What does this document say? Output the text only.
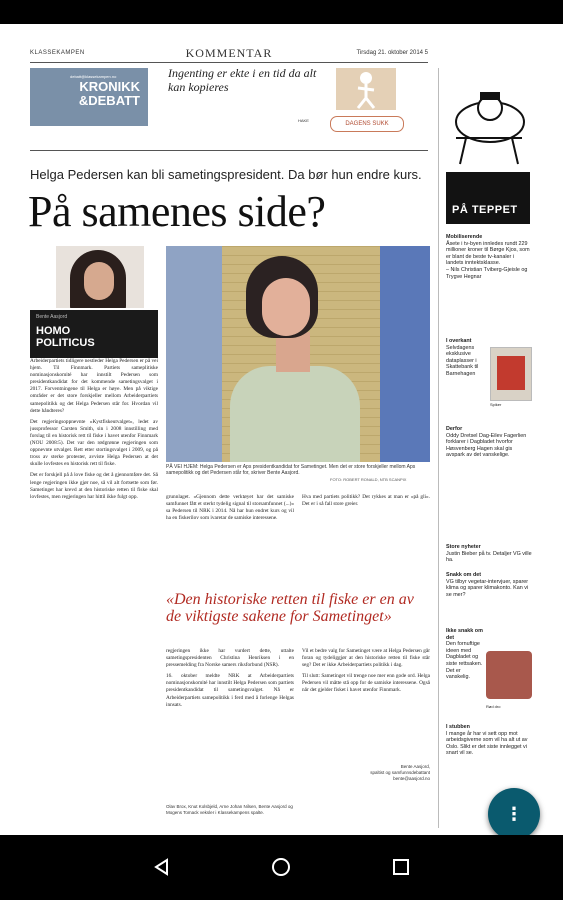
KLASSEKAMPEN	KOMMENTAR	Tirsdag 21. oktober 2014 5
debatt@klassekampen.no
KRONIKK
&DEBATT
Ingenting er ekte i en tid da alt kan kopieres
HAKE
DAGENS SUKK
Helga Pedersen kan bli sametingspresident. Da bør hun endre kurs.
På samenes side?
Bente Aasjord
HOMO
POLITICUS
PÅ VEI HJEM: Helga Pedersen er Aps presidentkandidat for Sametinget. Men det er store forskjeller mellom Aps samepolitikk og det Pedersen står for, skriver Bente Aasjord.
FOTO: ROBERT RONALD, NTB SCANPIX

Arbeiderpartiets tidligere nestleder Helga Pedersen er på vei hjem. Til Finnmark. Partiets sameplitiske nominasjonskomité har innstilt Pedersen som presidentkandidat for det kommende sametingsvalget i 2017. Forventningene til Helga er høye. Men på viktige områder er det store forskjeller mellom Arbeiderpartiets samepolitikk og det Helga Pedersen står for. Hvordan vil dette håndteres?

Det regjeringsoppnevnte «Kystfiskeutvalget», ledet av jussprofessor Carsten Smith, sin i 2008 innstilling med forslag til en historisk rett til fiske i havet utenfor Finnmark (NOU 2008:5). Det var den rødgrønne regjeringen som oppnevnte utvalget. Rett etter stortingsvalget i 2009, og på tross av sterke protester, avviste Helga Pedersen at det skulle lovfestes en historisk rett til fiske.

Det er forskjell på å love fiske og det å gjennomføre det. Så lenge regjeringen ikke gjør noe, så vil alt fortsette som før. Sametinget har krevd at den historiske retten til fiske skal lovfestes, men regjeringen har hittil ikke fulgt opp.	grunnlaget. «Gjennom dette verktøyet har det samiske samfunnet fått et sterkt tydelig signal til storsamfunnet (...)» sa Pedersen til NRK i 2014. Nå har hun endret kurs og vil ha en fiskerilov som ivaretar de samiske interessene.

«Den historiske retten til fiske er en av de viktigste sakene for Sametinget»

regjeringen ikke har vurdert dette, uttalte sametingspresidenten Christina Henriksen i en pressemelding fra Norske samers riksforbund (NSR).

16. oktober meldte NRK at Arbeiderpartiets nominasjonskomité har innstilt Helga Pedersen som partiets presidentkandidat til sametingsvalget. Nå er Arbeiderpartiets samepolitikk i ferd med å forlenge Helgas innsats.

Olav Brox, Knut Kolsbjeld, Arne Johan Nilsen, Bente Aasjord og Mogens Tomack veksler i Klassekampens spalte.

Hva med partiets politikk? Det rykkes at man er «på gli». Det er i så fall store greier.

Vil et bedre valg for Sametinget være at Helga Pedersen går foran og tydeliggjør at den historiske retten til fiske står seg? Det er ikke Arbeiderpartiets politikk i dag.

Til slutt: Sametinget vil trenge noe mer enn gode ord. Helga Pedersen vil måtte stå opp for de samiske interessene. Også når det gjelder fisket i havet utenfor Finnmark.

Bente Aasjord,
spaltist og samfunnsdebattant
bente@aasjord.no
PÅ TEPPET
Mobiliserende
Åsete i tv-byen innledes rundt 229 millioner kroner til Børge Kjos, som er blant de beste tv-kanaler i landets inntektsklasse.
– Nils Christian Tviberg-Gjeisle og Trygve Hegnar
I overkant
Selvdagens eksklusive dataplasser i Skattebank til Barnehagen
Spiker
Derfor
Oddy Dretsel Dag-Eilev Fagerlien forklarer i Dagbladet hvorfor Høsvenberg Hagen skal gis avspark av det vanskelige.
Store nyheter
Justin Bieber på tv. Detaljer VG ville ha.
Snakk om det
VG tilbyr vegetar-intervjuer, sparer klima og sparer klimakonto. Kan vi se mer?
Ikke snakk om det
Den fornuftige ideen med Dagbladet og siste rettsaken. Det er vanskelig.
Rød dro
I stubben
I mange år har vi sett opp mot arbeidsgiverne som vil ha alt ut av Oslo. Slikt er det siste innlegget vi snart vil se.
⋮
